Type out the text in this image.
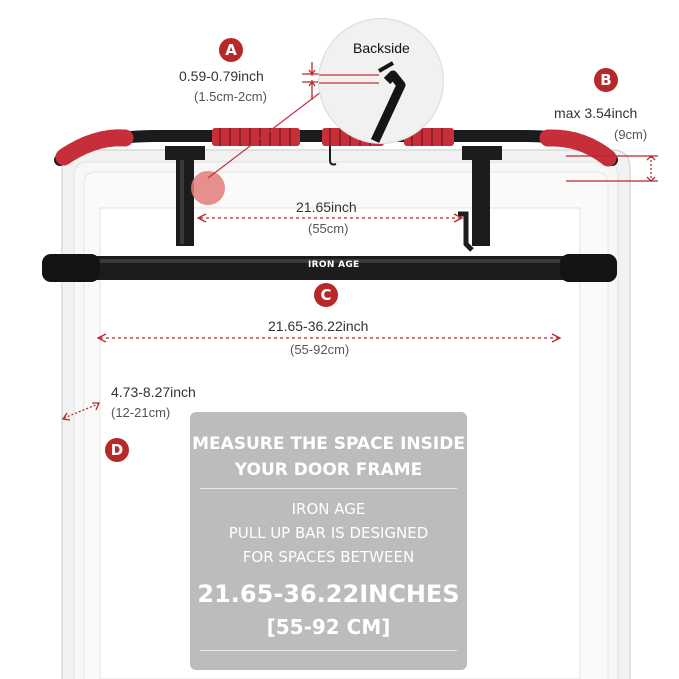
Backside
A
0.59-0.79inch
(1.5cm-2cm)
B
max 3.54inch
(9cm)
21.65inch
(55cm)
IRON AGE
C
21.65-36.22inch
(55-92cm)
4.73-8.27inch
(12-21cm)
D	MEASURE THE SPACE INSIDE
YOUR DOOR FRAME
IRON AGE
PULL UP BAR IS DESIGNED
FOR SPACES BETWEEN
21.65-36.22INCHES
[55-92 CM]
